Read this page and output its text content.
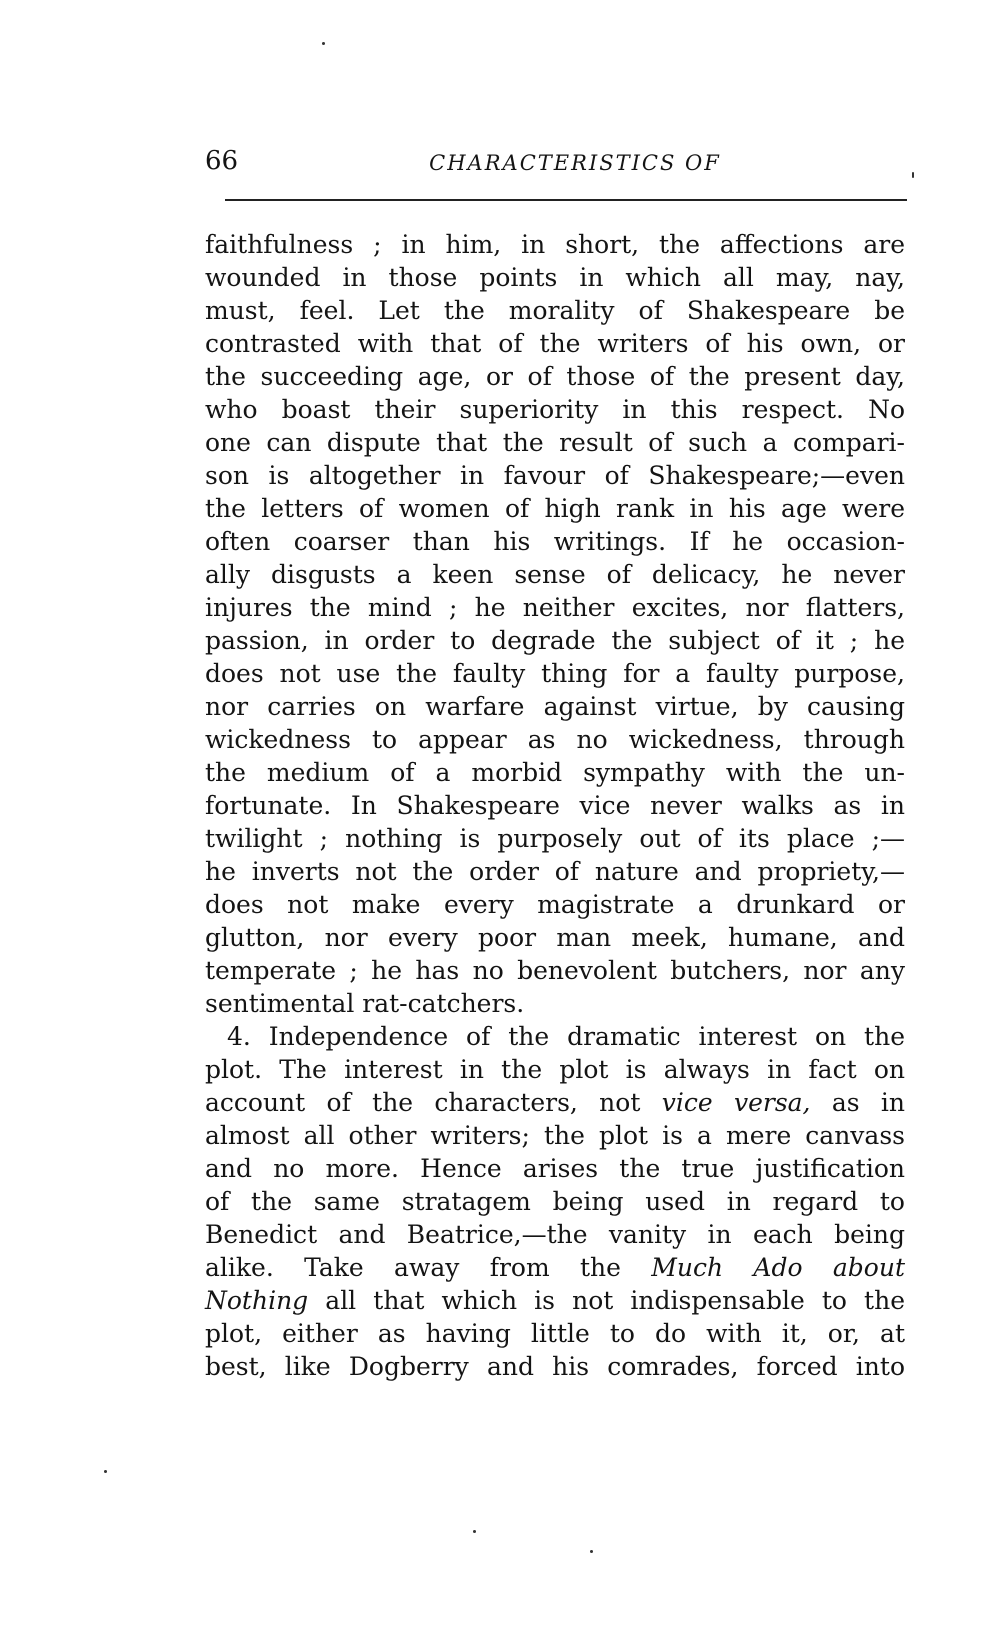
66	CHARACTERISTICS OF
faithfulness ; in him, in short, the affections are
wounded in those points in which all may, nay,
must, feel. Let the morality of Shakespeare be
contrasted with that of the writers of his own, or
the succeeding age, or of those of the present day,
who boast their superiority in this respect. No
one can dispute that the result of such a compari-
son is altogether in favour of Shakespeare;—even
the letters of women of high rank in his age were
often coarser than his writings. If he occasion-
ally disgusts a keen sense of delicacy, he never
injures the mind ; he neither excites, nor flatters,
passion, in order to degrade the subject of it ; he
does not use the faulty thing for a faulty purpose,
nor carries on warfare against virtue, by causing
wickedness to appear as no wickedness, through
the medium of a morbid sympathy with the un-
fortunate. In Shakespeare vice never walks as in
twilight ; nothing is purposely out of its place ;—
he inverts not the order of nature and propriety,—
does not make every magistrate a drunkard or
glutton, nor every poor man meek, humane, and
temperate ; he has no benevolent butchers, nor any
sentimental rat-catchers.
4. Independence of the dramatic interest on the
plot. The interest in the plot is always in fact on
account of the characters, not vice versa, as in
almost all other writers; the plot is a mere canvass
and no more. Hence arises the true justification
of the same stratagem being used in regard to
Benedict and Beatrice,—the vanity in each being
alike. Take away from the Much Ado about
Nothing all that which is not indispensable to the
plot, either as having little to do with it, or, at
best, like Dogberry and his comrades, forced into
